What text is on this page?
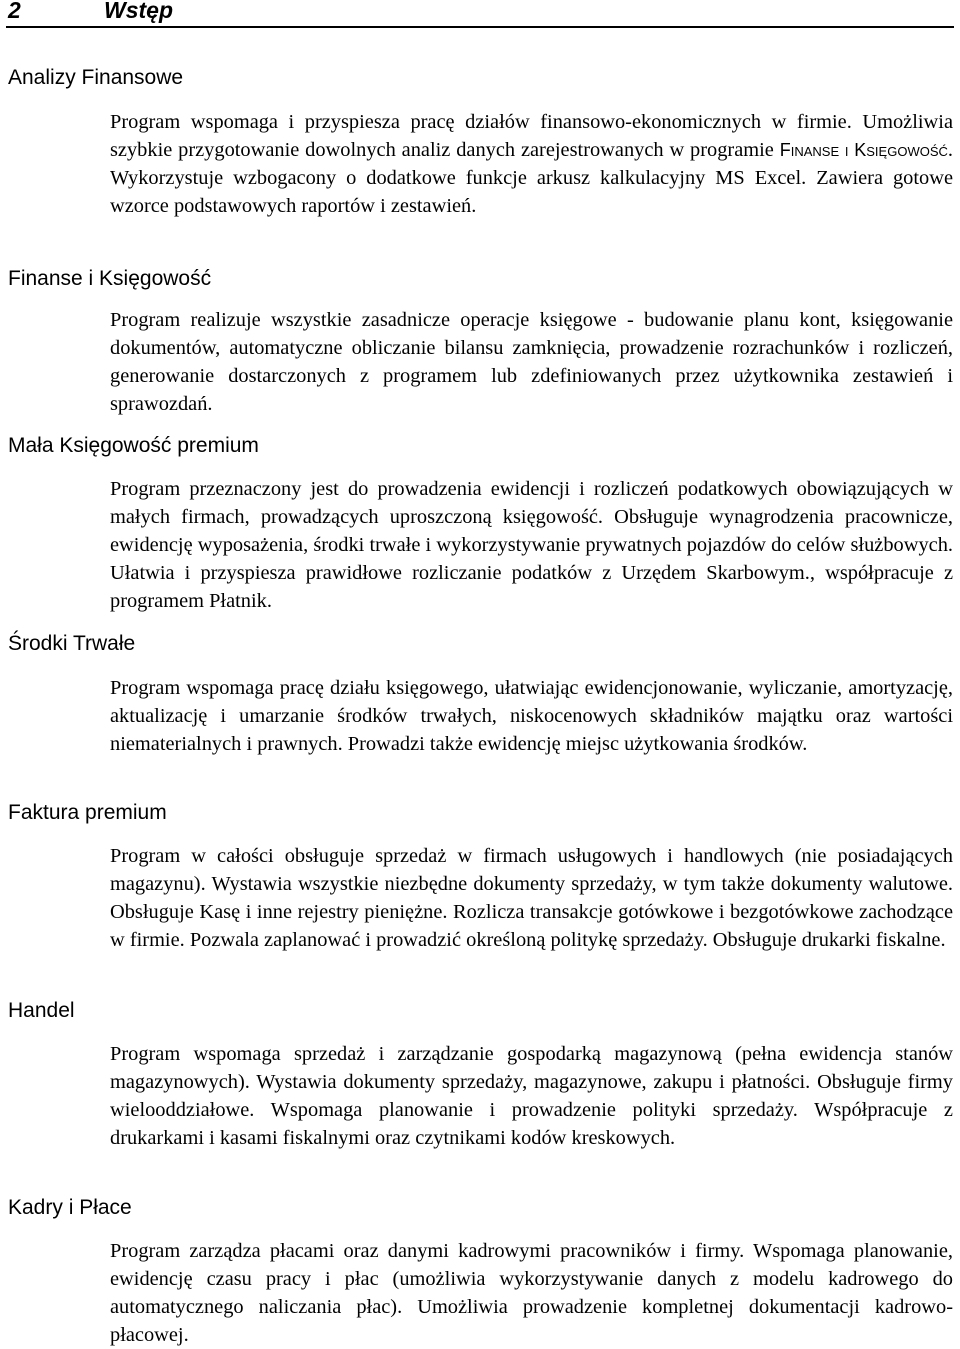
2	Wstęp
Analizy Finansowe
Program wspomaga i przyspiesza pracę działów finansowo-ekonomicznych w firmie. Umożliwia szybkie przygotowanie dowolnych analiz danych zarejestrowanych w programie Finanse i Księgowość. Wykorzystuje wzbogacony o dodatkowe funkcje arkusz kalkulacyjny MS Excel. Zawiera gotowe wzorce podstawowych raportów i zestawień.
Finanse i Księgowość
Program realizuje wszystkie zasadnicze operacje księgowe - budowanie planu kont, księgowanie dokumentów, automatyczne obliczanie bilansu zamknięcia, prowadzenie rozrachunków i rozliczeń, generowanie dostarczonych z programem lub zdefiniowanych przez użytkownika zestawień i sprawozdań.
Mała Księgowość premium
Program przeznaczony jest do prowadzenia ewidencji i rozliczeń podatkowych obowiązujących w małych firmach, prowadzących uproszczoną księgowość. Obsługuje wynagrodzenia pracownicze, ewidencję wyposażenia, środki trwałe i wykorzystywanie prywatnych pojazdów do celów służbowych. Ułatwia i przyspiesza prawidłowe rozliczanie podatków z Urzędem Skarbowym., współpracuje z programem Płatnik.
Środki Trwałe
Program wspomaga pracę działu księgowego, ułatwiając ewidencjonowanie, wyliczanie, amortyzację, aktualizację i umarzanie środków trwałych, niskocenowych składników majątku oraz wartości niematerialnych i prawnych. Prowadzi także ewidencję miejsc użytkowania środków.
Faktura premium
Program w całości obsługuje sprzedaż w firmach usługowych i handlowych (nie posiadających magazynu). Wystawia wszystkie niezbędne dokumenty sprzedaży, w tym także dokumenty walutowe. Obsługuje Kasę i inne rejestry pieniężne. Rozlicza transakcje gotówkowe i bezgotówkowe zachodzące w firmie. Pozwala zaplanować i prowadzić określoną politykę sprzedaży. Obsługuje drukarki fiskalne.
Handel
Program wspomaga sprzedaż i zarządzanie gospodarką magazynową (pełna ewidencja stanów magazynowych). Wystawia dokumenty sprzedaży, magazynowe, zakupu i płatności. Obsługuje firmy wielooddziałowe. Wspomaga planowanie i prowadzenie polityki sprzedaży. Współpracuje z drukarkami i kasami fiskalnymi oraz czytnikami kodów kreskowych.
Kadry i Płace
Program zarządza płacami oraz danymi kadrowymi pracowników i firmy. Wspomaga planowanie, ewidencję czasu pracy i płac (umożliwia wykorzystywanie danych z modelu kadrowego do automatycznego naliczania płac). Umożliwia prowadzenie kompletnej dokumentacji kadrowo-płacowej.
